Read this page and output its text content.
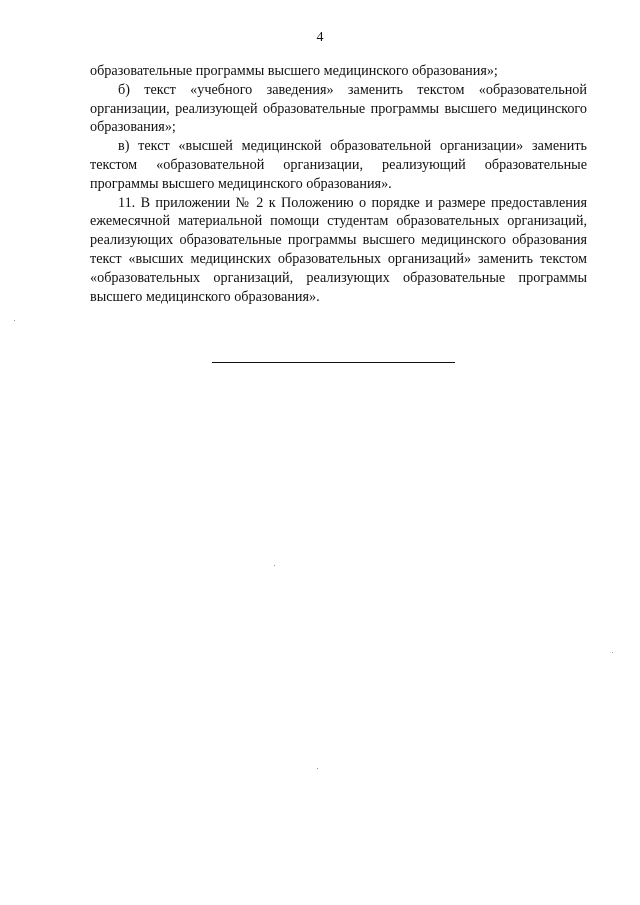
4

образовательные программы высшего медицинского образования»;

б) текст «учебного заведения» заменить текстом «образовательной организации, реализующей образовательные программы высшего медицинского образования»;

в) текст «высшей медицинской образовательной организации» заменить текстом «образовательной организации, реализующий образовательные программы высшего медицинского образования».

11. В приложении № 2 к Положению о порядке и размере предоставления ежемесячной материальной помощи студентам образовательных организаций, реализующих образовательные программы высшего медицинского образования текст «высших медицинских образовательных организаций» заменить текстом «образовательных организаций, реализующих образовательные программы высшего медицинского образования».
